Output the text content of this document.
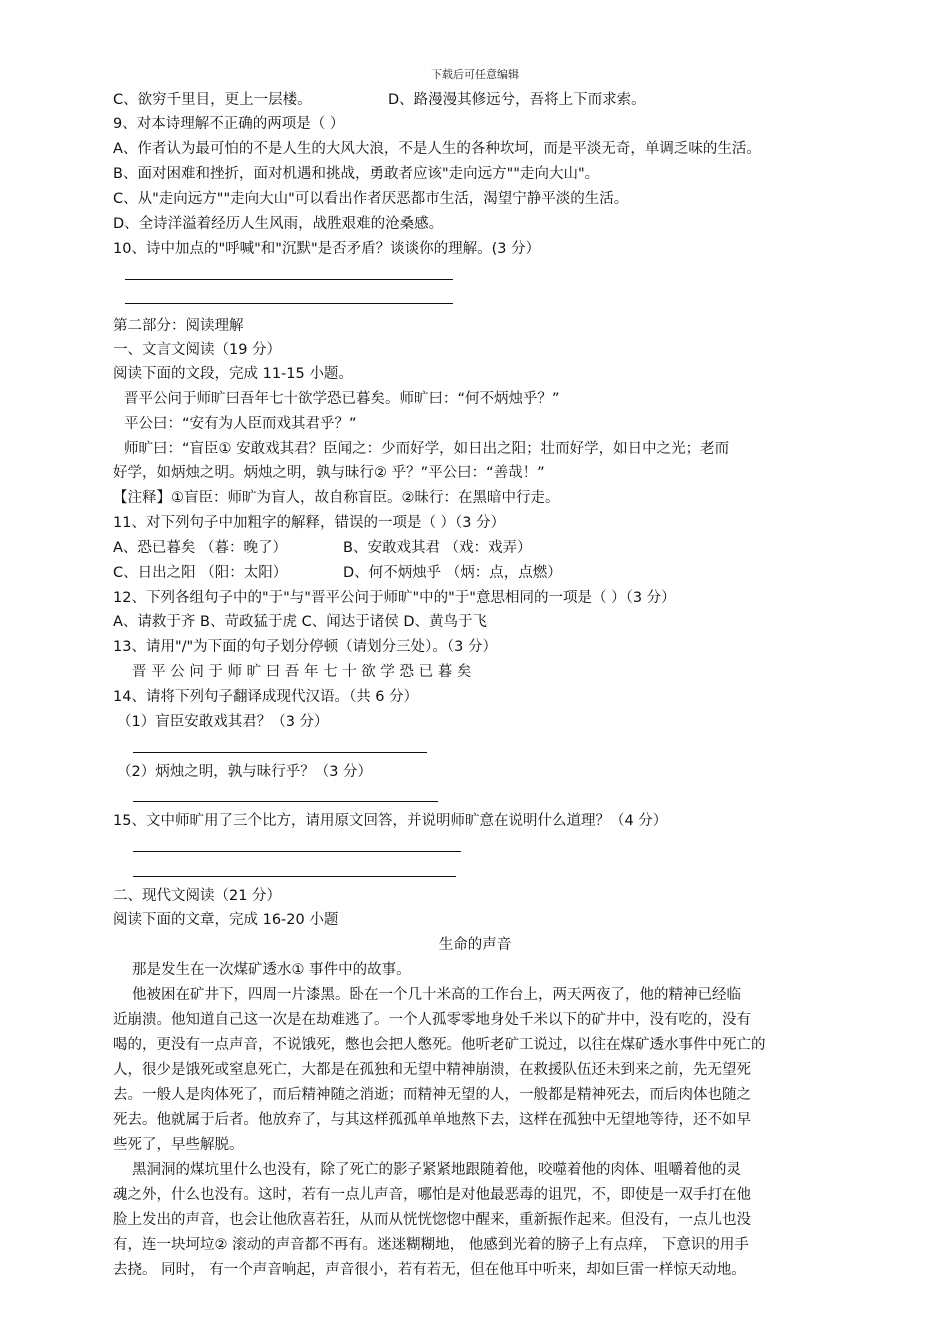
下载后可任意编辑
C、欲穷千里目，更上一层楼。	D、路漫漫其修远兮，吾将上下而求索。
9、对本诗理解不正确的两项是（ ）
A、作者认为最可怕的不是人生的大风大浪，不是人生的各种坎坷，而是平淡无奇，单调乏味的生活。
B、面对困难和挫折，面对机遇和挑战，勇敢者应该"走向远方""走向大山"。
C、从"走向远方""走向大山"可以看出作者厌恶都市生活，渴望宁静平淡的生活。
D、全诗洋溢着经历人生风雨，战胜艰难的沧桑感。
10、诗中加点的"呼喊"和"沉默"是否矛盾？谈谈你的理解。(3 分）
第二部分：阅读理解
一、文言文阅读（19 分）
阅读下面的文段，完成 11-15 小题。
晋平公问于师旷曰吾年七十欲学恐已暮矣。师旷曰：“何不炳烛乎？”
平公曰：“安有为人臣而戏其君乎？”
师旷曰：“盲臣① 安敢戏其君？臣闻之：少而好学，如日出之阳；壮而好学，如日中之光；老而
好学，如炳烛之明。炳烛之明，孰与昧行② 乎？”平公曰：“善哉！”
【注释】①盲臣：师旷为盲人，故自称盲臣。②昧行：在黑暗中行走。
11、对下列句子中加粗字的解释，错误的一项是（ ）（3 分）
A、恐已暮矣 （暮：晚了）	B、安敢戏其君 （戏：戏弄）
C、日出之阳 （阳：太阳）	D、何不炳烛乎 （炳：点，点燃）
12、下列各组句子中的"于"与"晋平公问于师旷"中的"于"意思相同的一项是（ ）（3 分）
A、请救于齐 B、苛政猛于虎 C、闻达于诸侯 D、黄鸟于飞
13、请用"/"为下面的句子划分停顿（请划分三处）。（3 分）
晋 平 公 问 于 师 旷 曰 吾 年 七 十 欲 学 恐 已 暮 矣
14、请将下列句子翻译成现代汉语。（共 6 分）
（1）盲臣安敢戏其君？（3 分）
（2）炳烛之明，孰与昧行乎？（3 分）
15、文中师旷用了三个比方，请用原文回答，并说明师旷意在说明什么道理？（4 分）
二、现代文阅读（21 分）
阅读下面的文章，完成 16-20 小题
生命的声音
那是发生在一次煤矿透水① 事件中的故事。
他被困在矿井下，四周一片漆黑。卧在一个几十米高的工作台上，两天两夜了，他的精神已经临
近崩溃。他知道自己这一次是在劫难逃了。一个人孤零零地身处千米以下的矿井中，没有吃的，没有
喝的，更没有一点声音，不说饿死，憋也会把人憋死。他听老矿工说过，以往在煤矿透水事件中死亡的
人，很少是饿死或窒息死亡，大都是在孤独和无望中精神崩溃，在救援队伍还未到来之前，先无望死
去。一般人是肉体死了，而后精神随之消逝；而精神无望的人，一般都是精神死去，而后肉体也随之
死去。他就属于后者。他放弃了，与其这样孤孤单单地熬下去，这样在孤独中无望地等待，还不如早
些死了，早些解脱。
黑洞洞的煤坑里什么也没有，除了死亡的影子紧紧地跟随着他，咬噬着他的肉体、咀嚼着他的灵
魂之外，什么也没有。这时，若有一点儿声音，哪怕是对他最恶毒的诅咒，不，即使是一双手打在他
脸上发出的声音，也会让他欣喜若狂，从而从恍恍惚惚中醒来，重新振作起来。但没有，一点儿也没
有，连一块坷垃② 滚动的声音都不再有。迷迷糊糊地， 他感到光着的膀子上有点痒， 下意识的用手
去挠。 同时， 有一个声音响起，声音很小，若有若无，但在他耳中听来，却如巨雷一样惊天动地。
